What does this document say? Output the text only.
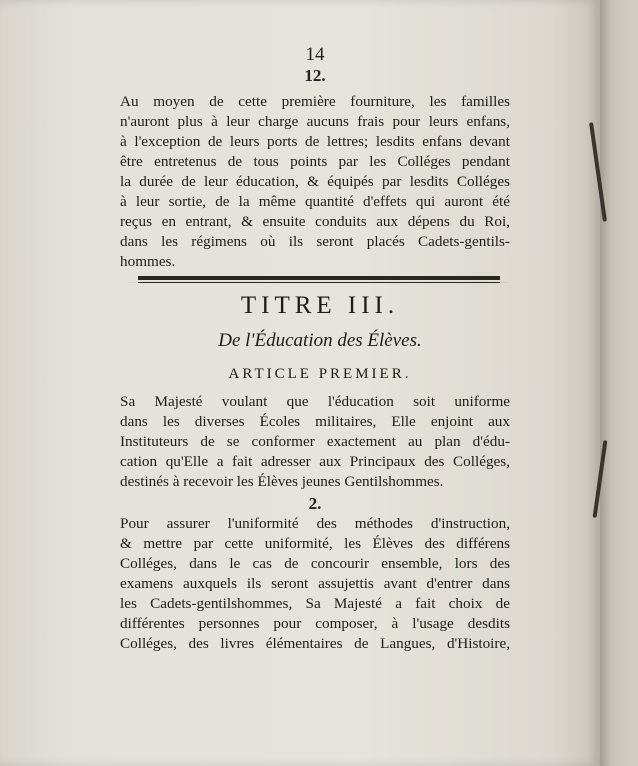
14
12.
Au moyen de cette première fourniture, les familles
n'auront plus à leur charge aucuns frais pour leurs enfans,
à l'exception de leurs ports de lettres; lesdits enfans devant
être entretenus de tous points par les Colléges pendant
la durée de leur éducation, & équipés par lesdits Colléges
à leur sortie, de la même quantité d'effets qui auront été
reçus en entrant, & ensuite conduits aux dépens du Roi,
dans les régimens où ils seront placés Cadets-gentils-
hommes.
TITRE III.
De l'Éducation des Élèves.
ARTICLE PREMIER.
Sa Majesté voulant que l'éducation soit uniforme
dans les diverses Écoles militaires, Elle enjoint aux
Instituteurs de se conformer exactement au plan d'édu-
cation qu'Elle a fait adresser aux Principaux des Colléges,
destinés à recevoir les Élèves jeunes Gentilshommes.
2.
Pour assurer l'uniformité des méthodes d'instruction,
& mettre par cette uniformité, les Élèves des différens
Colléges, dans le cas de concourir ensemble, lors des
examens auxquels ils seront assujettis avant d'entrer dans
les Cadets-gentilshommes, Sa Majesté a fait choix de
différentes personnes pour composer, à l'usage desdits
Colléges, des livres élémentaires de Langues, d'Histoire,
